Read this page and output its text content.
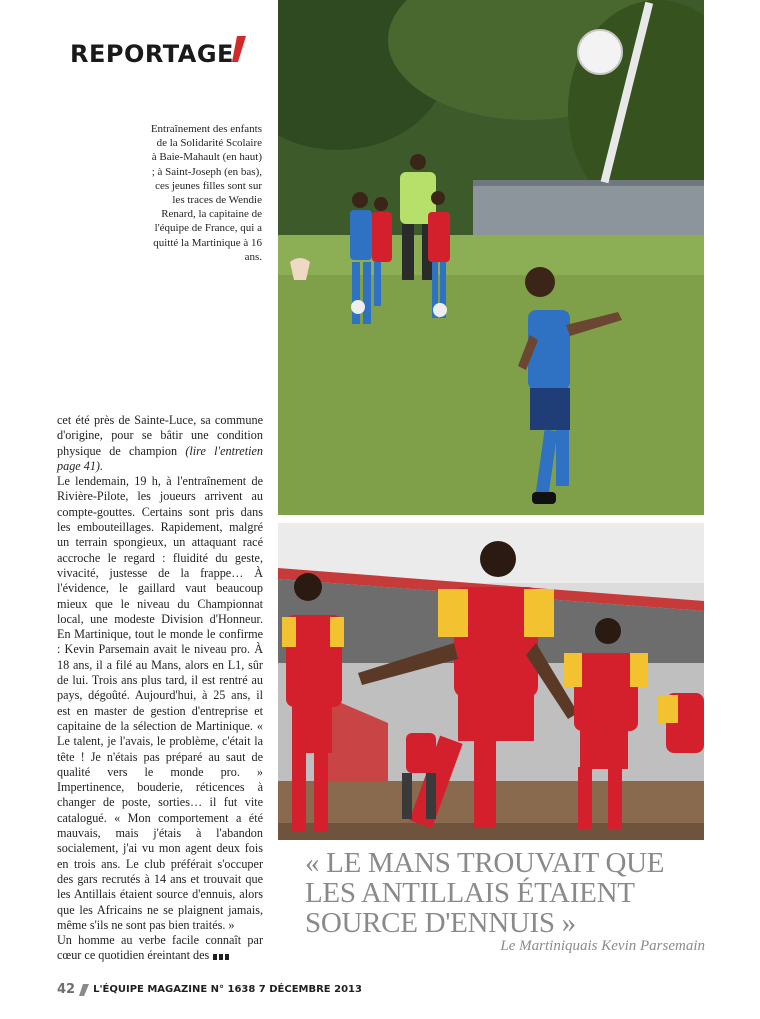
REPORTAGE

Entraînement des enfants de la Solidarité Scolaire à Baie-Mahault (en haut) ; à Saint-Joseph (en bas), ces jeunes filles sont sur les traces de Wendie Renard, la capitaine de l'équipe de France, qui a quitté la Martinique à 16 ans.

cet été près de Sainte-Luce, sa commune d'origine, pour se bâtir une condition physique de champion (lire l'entretien page 41).

Le lendemain, 19 h, à l'entraînement de Rivière-Pilote, les joueurs arrivent au compte-gouttes. Certains sont pris dans les embouteillages. Rapidement, malgré un terrain spongieux, un attaquant racé accroche le regard : fluidité du geste, vivacité, justesse de la frappe… À l'évidence, le gaillard vaut beaucoup mieux que le niveau du Championnat local, une modeste Division d'Honneur. En Martinique, tout le monde le confirme : Kevin Parsemain avait le niveau pro. À 18 ans, il a filé au Mans, alors en L1, sûr de lui. Trois ans plus tard, il est rentré au pays, dégoûté. Aujourd'hui, à 25 ans, il est en master de gestion d'entreprise et capitaine de la sélection de Martinique. « Le talent, je l'avais, le problème, c'était la tête ! Je n'étais pas préparé au saut de qualité vers le monde pro. » Impertinence, bouderie, réticences à changer de poste, sorties… il fut vite catalogué. « Mon comportement a été mauvais, mais j'étais à l'abandon socialement, j'ai vu mon agent deux fois en trois ans. Le club préférait s'occuper des gars recrutés à 14 ans et trouvait que les Antillais étaient source d'ennuis, alors que les Africains ne se plaignent jamais, même s'ils ne sont pas bien traités. »

Un homme au verbe facile connaît par cœur ce quotidien éreintant des

« LE MANS TROUVAIT QUE LES ANTILLAIS ÉTAIENT SOURCE D'ENNUIS »

Le Martiniquais Kevin Parsemain

42 L'ÉQUIPE MAGAZINE N° 1638 7 DÉCEMBRE 2013
